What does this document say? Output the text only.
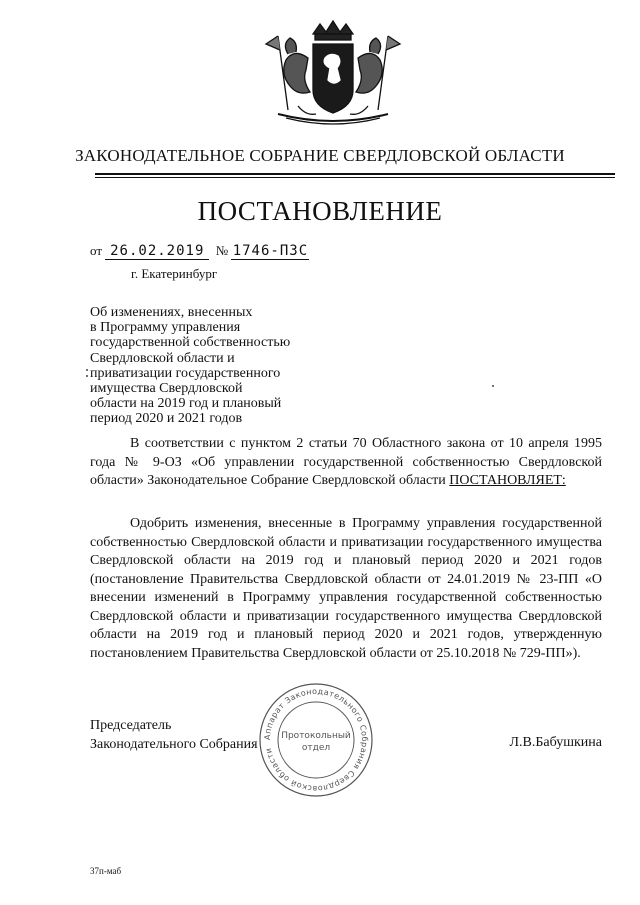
ЗАКОНОДАТЕЛЬНОЕ СОБРАНИЕ СВЕРДЛОВСКОЙ ОБЛАСТИ
ПОСТАНОВЛЕНИЕ
от 26.02.2019 № 1746-ПЗС
г. Екатеринбург
Об изменениях, внесенных
в Программу управления
государственной собственностью
Свердловской области и
приватизации государственного
имущества Свердловской
области на 2019 год и плановый
период 2020 и 2021 годов
В соответствии с пунктом 2 статьи 70 Областного закона от 10 апреля 1995 года № 9-ОЗ «Об управлении государственной собственностью Свердловской области» Законодательное Собрание Свердловской области ПОСТАНОВЛЯЕТ:
Одобрить изменения, внесенные в Программу управления государственной собственностью Свердловской области и приватизации государственного имущества Свердловской области на 2019 год и плановый период 2020 и 2021 годов (постановление Правительства Свердловской области от 24.01.2019 № 23-ПП «О внесении изменений в Программу управления государственной собственностью Свердловской области и приватизации государственного имущества Свердловской области на 2019 год и плановый период 2020 и 2021 годов, утвержденную постановлением Правительства Свердловской области от 25.10.2018 № 729-ПП»).
Председатель
Законодательного Собрания	Л.В.Бабушкина
Аппарат Законодательного Собрания Свердловской области
Протокольный
отдел
37п-маб
